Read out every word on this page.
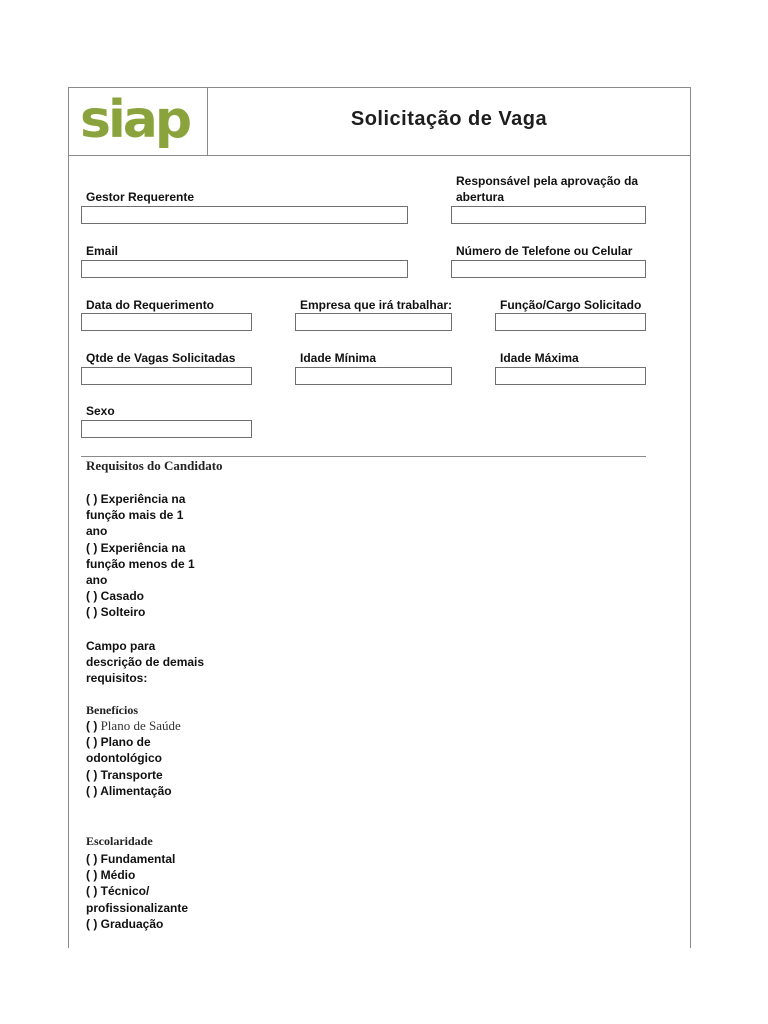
siap	Solicitação de Vaga
Gestor Requerente
Responsável pela aprovação da
abertura
Email	Número de Telefone ou Celular
Data do Requerimento	Empresa que irá trabalhar:	Função/Cargo Solicitado
Qtde de Vagas Solicitadas	Idade Mínima	Idade Máxima
Sexo
Requisitos do Candidato
( ) Experiência na função mais de 1 ano
( ) Experiência na função menos de 1 ano
( ) Casado
( ) Solteiro
Campo para descrição de demais requisitos:
Benefícios
( ) Plano de Saúde
( ) Plano de odontológico
( ) Transporte
( ) Alimentação
Escolaridade
( ) Fundamental
( ) Médio
( ) Técnico/ profissionalizante
( ) Graduação
